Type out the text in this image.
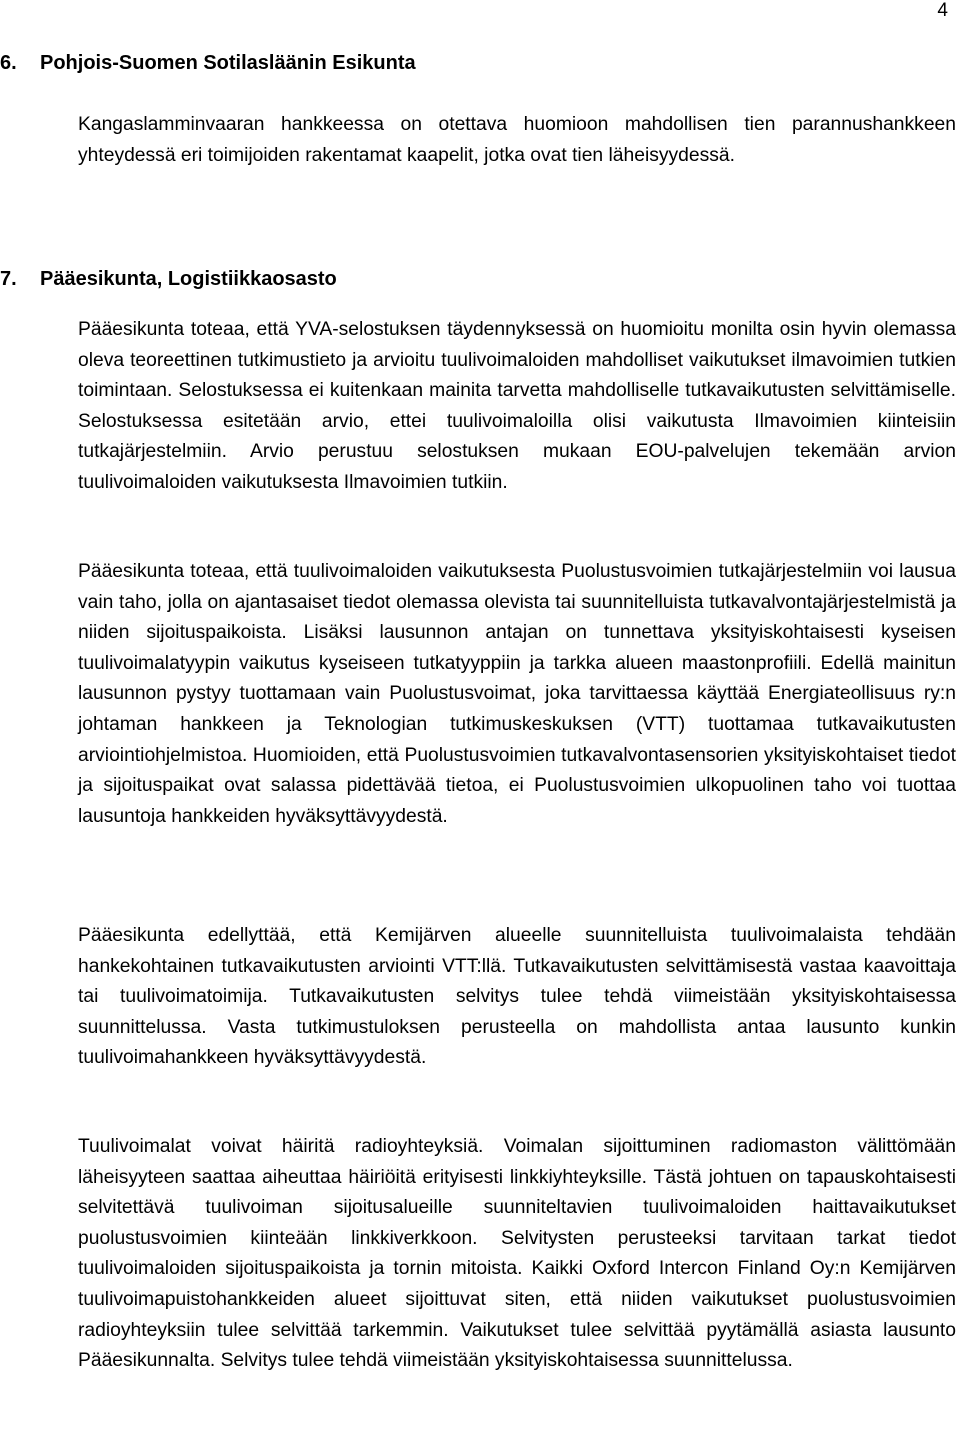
4
6. Pohjois-Suomen Sotilasläänin Esikunta

Kangaslamminvaaran hankkeessa on otettava huomioon mahdollisen tien parannushankkeen yhteydessä eri toimijoiden rakentamat kaapelit, jotka ovat tien läheisyydessä.

7. Pääesikunta, Logistiikkaosasto

Pääesikunta toteaa, että YVA-selostuksen täydennyksessä on huomioitu monilta osin hyvin olemassa oleva teoreettinen tutkimustieto ja arvioitu tuulivoimaloiden mahdolliset vaikutukset ilmavoimien tutkien toimintaan. Selostuksessa ei kuitenkaan mainita tarvetta mahdolliselle tutkavaikutusten selvittämiselle. Selostuksessa esitetään arvio, ettei tuulivoimaloilla olisi vaikutusta Ilmavoimien kiinteisiin tutkajärjestelmiin. Arvio perustuu selostuksen mukaan EOU-palvelujen tekemään arvion tuulivoimaloiden vaikutuksesta Ilmavoimien tutkiin.

Pääesikunta toteaa, että tuulivoimaloiden vaikutuksesta Puolustusvoimien tutkajärjestelmiin voi lausua vain taho, jolla on ajantasaiset tiedot olemassa olevista tai suunnitelluista tutkavalvontajärjestelmistä ja niiden sijoituspaikoista. Lisäksi lausunnon antajan on tunnettava yksityiskohtaisesti kyseisen tuulivoimalatyypin vaikutus kyseiseen tutkatyyppiin ja tarkka alueen maastonprofiili. Edellä mainitun lausunnon pystyy tuottamaan vain Puolustusvoimat, joka tarvittaessa käyttää Energiateollisuus ry:n johtaman hankkeen ja Teknologian tutkimuskeskuksen (VTT) tuottamaa tutkavaikutusten arviointiohjelmistoa. Huomioiden, että Puolustusvoimien tutkavalvontasensorien yksityiskohtaiset tiedot ja sijoituspaikat ovat salassa pidettävää tietoa, ei Puolustusvoimien ulkopuolinen taho voi tuottaa lausuntoja hankkeiden hyväksyttävyydestä.

Pääesikunta edellyttää, että Kemijärven alueelle suunnitelluista tuulivoimalaista tehdään hankekohtainen tutkavaikutusten arviointi VTT:llä. Tutkavaikutusten selvittämisestä vastaa kaavoittaja tai tuulivoimatoimija. Tutkavaikutusten selvitys tulee tehdä viimeistään yksityiskohtaisessa suunnittelussa. Vasta tutkimustuloksen perusteella on mahdollista antaa lausunto kunkin tuulivoimahankkeen hyväksyttävyydestä.

Tuulivoimalat voivat häiritä radioyhteyksiä. Voimalan sijoittuminen radiomaston välittömään läheisyyteen saattaa aiheuttaa häiriöitä erityisesti linkkiyhteyksille. Tästä johtuen on tapauskohtaisesti selvitettävä tuulivoiman sijoitusalueille suunniteltavien tuulivoimaloiden haittavaikutukset puolustusvoimien kiinteään linkkiverkkoon. Selvitysten perusteeksi tarvitaan tarkat tiedot tuulivoimaloiden sijoituspaikoista ja tornin mitoista. Kaikki Oxford Intercon Finland Oy:n Kemijärven tuulivoimapuistohankkeiden alueet sijoittuvat siten, että niiden vaikutukset puolustusvoimien radioyhteyksiin tulee selvittää tarkemmin. Vaikutukset tulee selvittää pyytämällä asiasta lausunto Pääesikunnalta. Selvitys tulee tehdä viimeistään yksityiskohtaisessa suunnittelussa.
